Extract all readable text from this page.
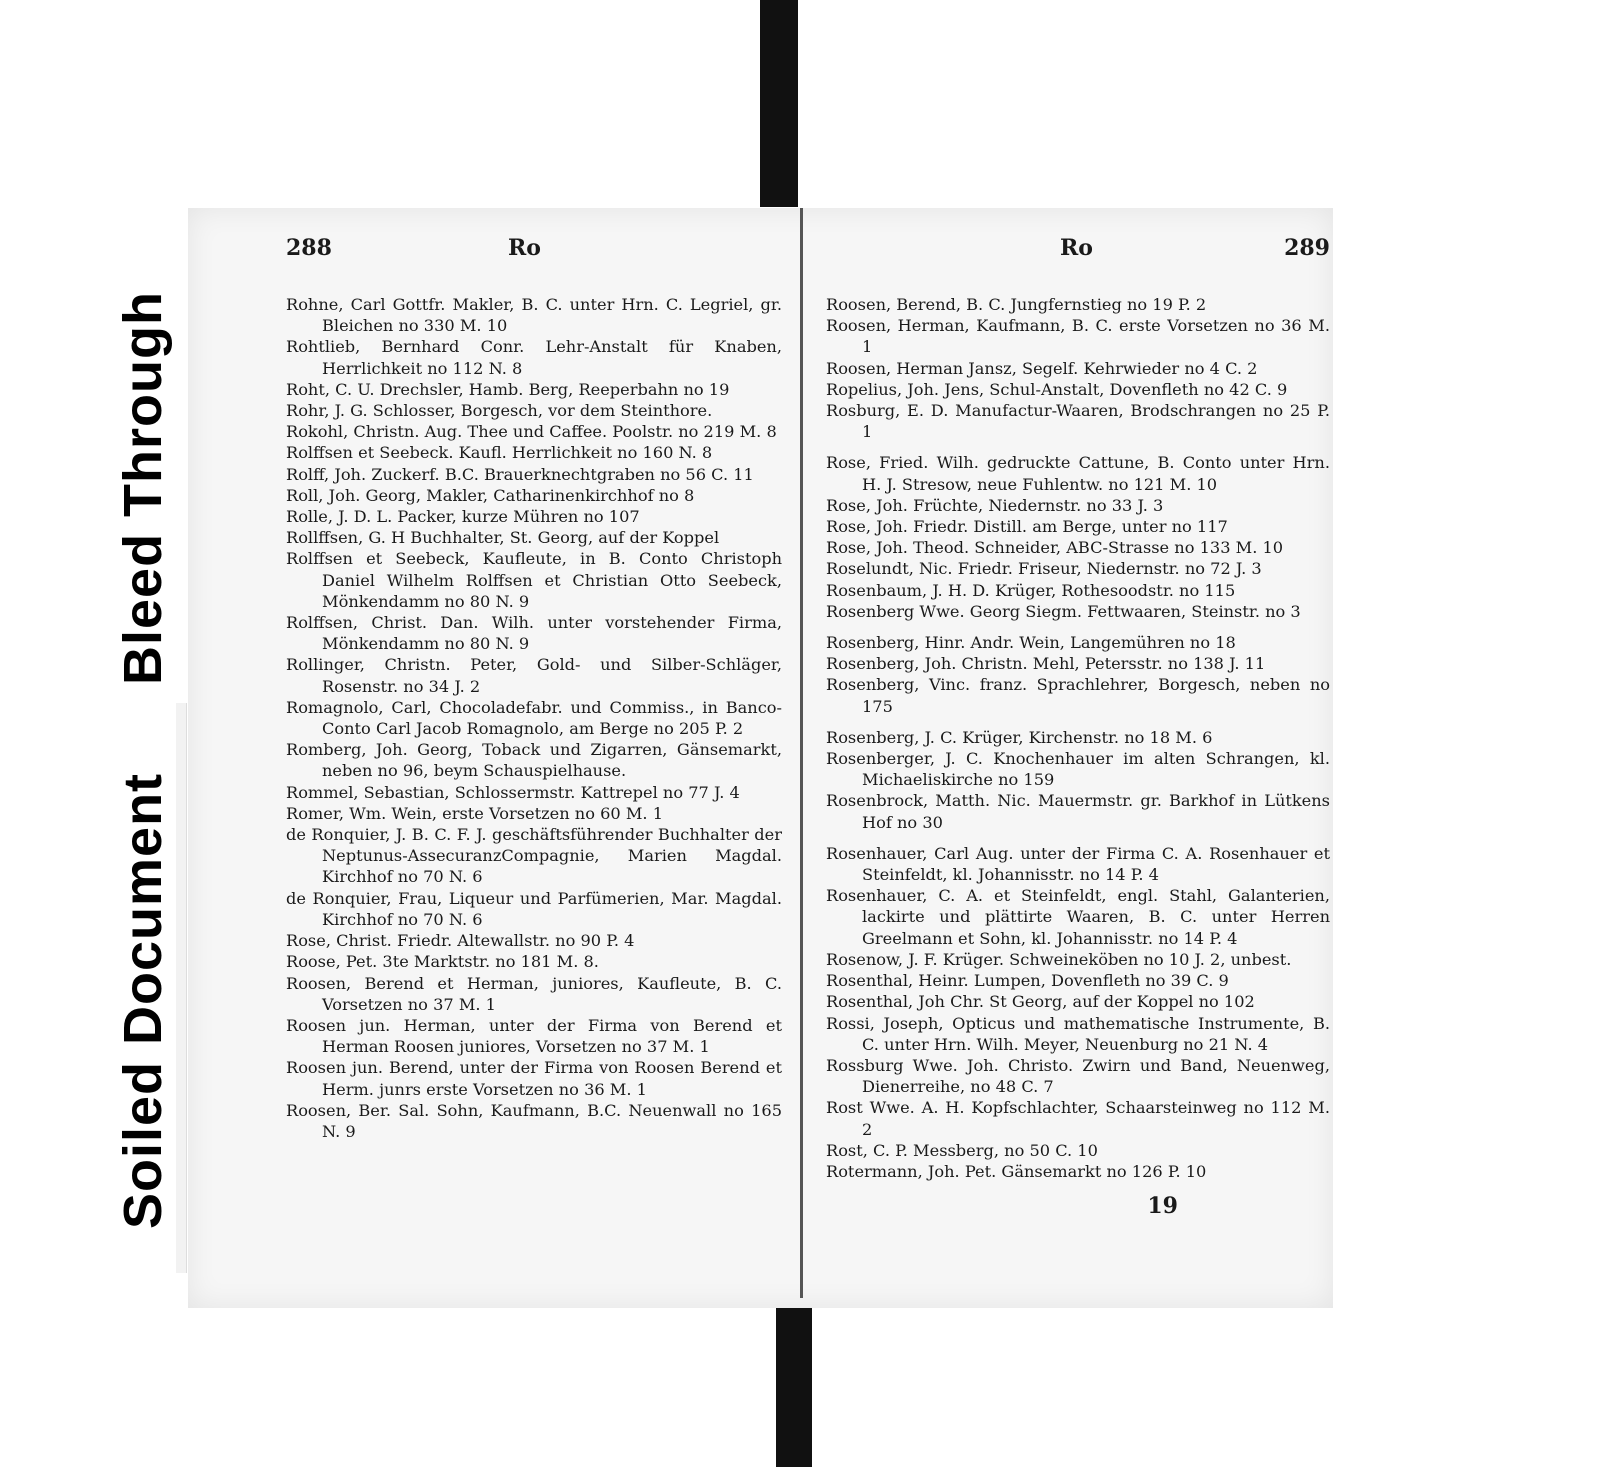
Bleed Through
Soiled Document
288	Ro
Rohne, Carl Gottfr. Makler, B. C. unter Hrn. C. Legriel, gr. Bleichen no 330 M. 10
Rohtlieb, Bernhard Conr. Lehr-Anstalt für Knaben, Herrlichkeit no 112 N. 8
Roht, C. U. Drechsler, Hamb. Berg, Reeperbahn no 19
Rohr, J. G. Schlosser, Borgesch, vor dem Steinthore.
Rokohl, Christn. Aug. Thee und Caffee. Poolstr. no 219 M. 8
Rolffsen et Seebeck. Kaufl. Herrlichkeit no 160 N. 8
Rolff, Joh. Zuckerf. B.C. Brauerknechtgraben no 56 C. 11
Roll, Joh. Georg, Makler, Catharinenkirchhof no 8
Rolle, J. D. L. Packer, kurze Mühren no 107
Rollffsen, G. H Buchhalter, St. Georg, auf der Koppel
Rolffsen et Seebeck, Kaufleute, in B. Conto Christoph Daniel Wilhelm Rolffsen et Christian Otto Seebeck, Mönkendamm no 80 N. 9
Rolffsen, Christ. Dan. Wilh. unter vorstehender Firma, Mönkendamm no 80 N. 9
Rollinger, Christn. Peter, Gold- und Silber-Schläger, Rosenstr. no 34 J. 2
Romagnolo, Carl, Chocoladefabr. und Commiss., in Banco-Conto Carl Jacob Romagnolo, am Berge no 205 P. 2
Romberg, Joh. Georg, Toback und Zigarren, Gänsemarkt, neben no 96, beym Schauspielhause.
Rommel, Sebastian, Schlossermstr. Kattrepel no 77 J. 4
Romer, Wm. Wein, erste Vorsetzen no 60 M. 1
de Ronquier, J. B. C. F. J. geschäftsführender Buchhalter der Neptunus-AssecuranzCompagnie, Marien Magdal. Kirchhof no 70 N. 6
de Ronquier, Frau, Liqueur und Parfümerien, Mar. Magdal. Kirchhof no 70 N. 6
Rose, Christ. Friedr. Altewallstr. no 90 P. 4
Roose, Pet. 3te Marktstr. no 181 M. 8.
Roosen, Berend et Herman, juniores, Kaufleute, B. C. Vorsetzen no 37 M. 1
Roosen jun. Herman, unter der Firma von Berend et Herman Roosen juniores, Vorsetzen no 37 M. 1
Roosen jun. Berend, unter der Firma von Roosen Berend et Herm. junrs erste Vorsetzen no 36 M. 1
Roosen, Ber. Sal. Sohn, Kaufmann, B.C. Neuenwall no 165 N. 9
Ro	289
Roosen, Berend, B. C. Jungfernstieg no 19 P. 2
Roosen, Herman, Kaufmann, B. C. erste Vorsetzen no 36 M. 1
Roosen, Herman Jansz, Segelf. Kehrwieder no 4 C. 2
Ropelius, Joh. Jens, Schul-Anstalt, Dovenfleth no 42 C. 9
Rosburg, E. D. Manufactur-Waaren, Brodschrangen no 25 P. 1
Rose, Fried. Wilh. gedruckte Cattune, B. Conto unter Hrn. H. J. Stresow, neue Fuhlentw. no 121 M. 10
Rose, Joh. Früchte, Niedernstr. no 33 J. 3
Rose, Joh. Friedr. Distill. am Berge, unter no 117
Rose, Joh. Theod. Schneider, ABC-Strasse no 133 M. 10
Roselundt, Nic. Friedr. Friseur, Niedernstr. no 72 J. 3
Rosenbaum, J. H. D. Krüger, Rothesoodstr. no 115
Rosenberg Wwe. Georg Siegm. Fettwaaren, Steinstr. no 3
Rosenberg, Hinr. Andr. Wein, Langemühren no 18
Rosenberg, Joh. Christn. Mehl, Petersstr. no 138 J. 11
Rosenberg, Vinc. franz. Sprachlehrer, Borgesch, neben no 175
Rosenberg, J. C. Krüger, Kirchenstr. no 18 M. 6
Rosenberger, J. C. Knochenhauer im alten Schrangen, kl. Michaeliskirche no 159
Rosenbrock, Matth. Nic. Mauermstr. gr. Barkhof in Lütkens Hof no 30
Rosenhauer, Carl Aug. unter der Firma C. A. Rosenhauer et Steinfeldt, kl. Johannisstr. no 14 P. 4
Rosenhauer, C. A. et Steinfeldt, engl. Stahl, Galanterien, lackirte und plättirte Waaren, B. C. unter Herren Greelmann et Sohn, kl. Johannisstr. no 14 P. 4
Rosenow, J. F. Krüger. Schweineköben no 10 J. 2, unbest.
Rosenthal, Heinr. Lumpen, Dovenfleth no 39 C. 9
Rosenthal, Joh Chr. St Georg, auf der Koppel no 102
Rossi, Joseph, Opticus und mathematische Instrumente, B. C. unter Hrn. Wilh. Meyer, Neuenburg no 21 N. 4
Rossburg Wwe. Joh. Christo. Zwirn und Band, Neuenweg, Dienerreihe, no 48 C. 7
Rost Wwe. A. H. Kopfschlachter, Schaarsteinweg no 112 M. 2
Rost, C. P. Messberg, no 50 C. 10
Rotermann, Joh. Pet. Gänsemarkt no 126 P. 10
19
